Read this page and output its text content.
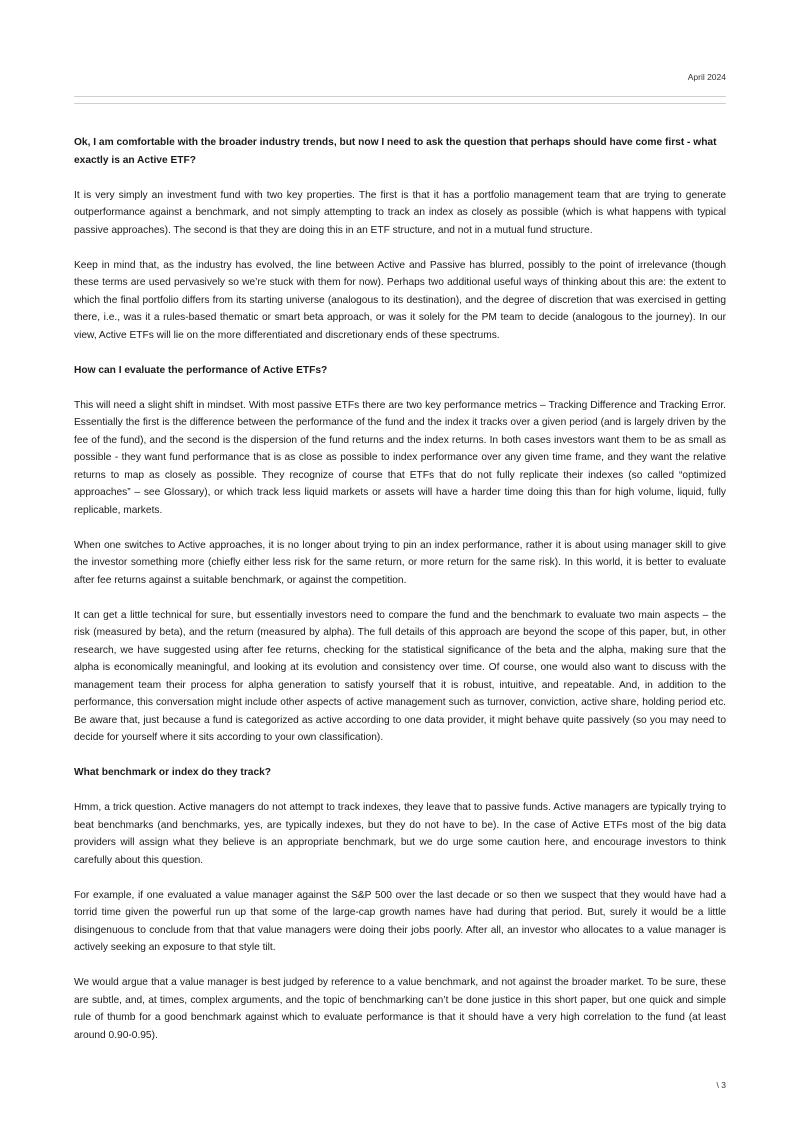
April 2024

Ok, I am comfortable with the broader industry trends, but now I need to ask the question that perhaps should have come first - what exactly is an Active ETF?

It is very simply an investment fund with two key properties. The first is that it has a portfolio management team that are trying to generate outperformance against a benchmark, and not simply attempting to track an index as closely as possible (which is what happens with typical passive approaches). The second is that they are doing this in an ETF structure, and not in a mutual fund structure.

Keep in mind that, as the industry has evolved, the line between Active and Passive has blurred, possibly to the point of irrelevance (though these terms are used pervasively so we’re stuck with them for now). Perhaps two additional useful ways of thinking about this are: the extent to which the final portfolio differs from its starting universe (analogous to its destination), and the degree of discretion that was exercised in getting there, i.e., was it a rules-based thematic or smart beta approach, or was it solely for the PM team to decide (analogous to the journey). In our view, Active ETFs will lie on the more differentiated and discretionary ends of these spectrums.

How can I evaluate the performance of Active ETFs?

This will need a slight shift in mindset. With most passive ETFs there are two key performance metrics – Tracking Difference and Tracking Error. Essentially the first is the difference between the performance of the fund and the index it tracks over a given period (and is largely driven by the fee of the fund), and the second is the dispersion of the fund returns and the index returns. In both cases investors want them to be as small as possible - they want fund performance that is as close as possible to index performance over any given time frame, and they want the relative returns to map as closely as possible. They recognize of course that ETFs that do not fully replicate their indexes (so called “optimized approaches” – see Glossary), or which track less liquid markets or assets will have a harder time doing this than for high volume, liquid, fully replicable, markets.

When one switches to Active approaches, it is no longer about trying to pin an index performance, rather it is about using manager skill to give the investor something more (chiefly either less risk for the same return, or more return for the same risk). In this world, it is better to evaluate after fee returns against a suitable benchmark, or against the competition.

It can get a little technical for sure, but essentially investors need to compare the fund and the benchmark to evaluate two main aspects – the risk (measured by beta), and the return (measured by alpha). The full details of this approach are beyond the scope of this paper, but, in other research, we have suggested using after fee returns, checking for the statistical significance of the beta and the alpha, making sure that the alpha is economically meaningful, and looking at its evolution and consistency over time. Of course, one would also want to discuss with the management team their process for alpha generation to satisfy yourself that it is robust, intuitive, and repeatable. And, in addition to the performance, this conversation might include other aspects of active management such as turnover, conviction, active share, holding period etc. Be aware that, just because a fund is categorized as active according to one data provider, it might behave quite passively (so you may need to decide for yourself where it sits according to your own classification).

What benchmark or index do they track?

Hmm, a trick question. Active managers do not attempt to track indexes, they leave that to passive funds. Active managers are typically trying to beat benchmarks (and benchmarks, yes, are typically indexes, but they do not have to be). In the case of Active ETFs most of the big data providers will assign what they believe is an appropriate benchmark, but we do urge some caution here, and encourage investors to think carefully about this question.

For example, if one evaluated a value manager against the S&P 500 over the last decade or so then we suspect that they would have had a torrid time given the powerful run up that some of the large-cap growth names have had during that period. But, surely it would be a little disingenuous to conclude from that that value managers were doing their jobs poorly. After all, an investor who allocates to a value manager is actively seeking an exposure to that style tilt.

We would argue that a value manager is best judged by reference to a value benchmark, and not against the broader market. To be sure, these are subtle, and, at times, complex arguments, and the topic of benchmarking can’t be done justice in this short paper, but one quick and simple rule of thumb for a good benchmark against which to evaluate performance is that it should have a very high correlation to the fund (at least around 0.90-0.95).

\ 3
